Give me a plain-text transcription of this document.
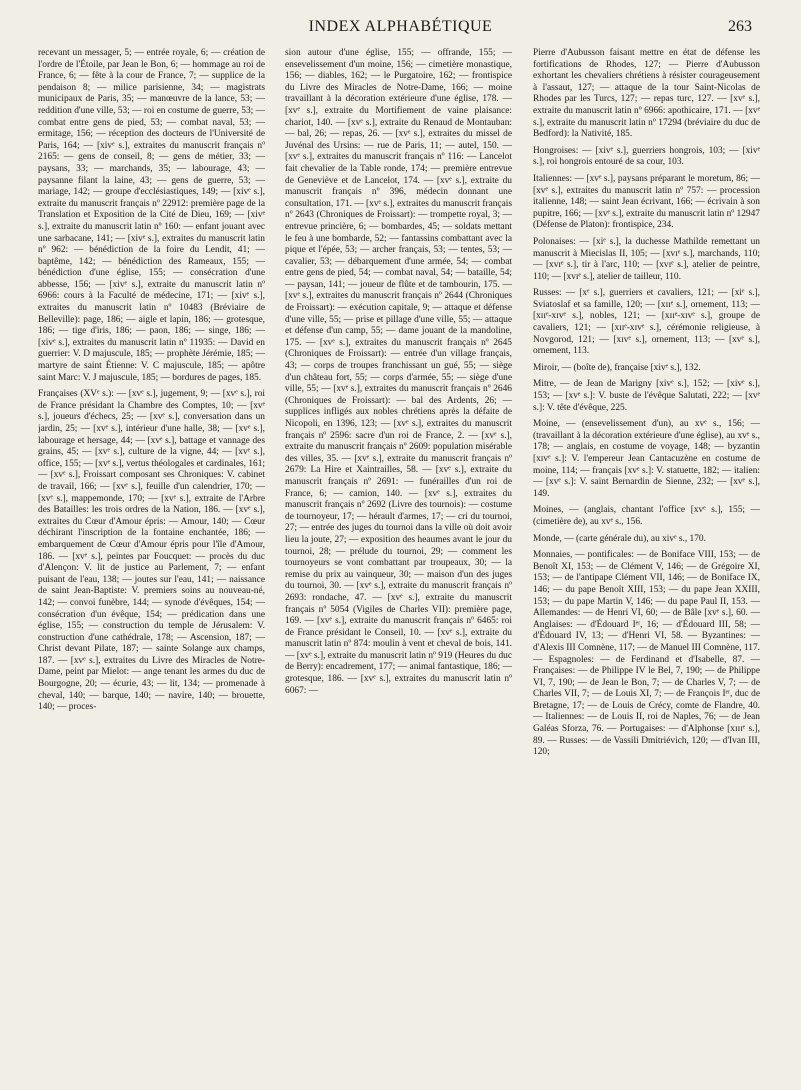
INDEX ALPHABÉTIQUE	263

recevant un messager, 5; — entrée royale, 6; — création de l'ordre de l'Étoile, par Jean le Bon, 6; — hommage au roi de France, 6; — fête à la cour de France, 7; — supplice de la pendaison 8; — milice parisienne, 34; — magistrats municipaux de Paris, 35; — manœuvre de la lance, 53; — reddition d'une ville, 53; — roi en costume de guerre, 53; — combat entre gens de pied, 53; — combat naval, 53; — ermitage, 156; — réception des docteurs de l'Université de Paris, 164; — [xivᵉ s.], extraites du manuscrit français nº 2165: — gens de conseil, 8; — gens de métier, 33; — paysans, 33; — marchands, 35; — labourage, 43; — paysanne filant la laine, 43; — gens de guerre, 53; — mariage, 142; — groupe d'ecclésiastiques, 149; — [xivᵉ s.], extraite du manuscrit français nº 22912: première page de la Translation et Exposition de la Cité de Dieu, 169; — [xivᵉ s.], extraite du manuscrit latin nº 160: — enfant jouant avec une sarbacane, 141; — [xivᵉ s.], extraites du manuscrit latin nº 962: — bénédiction de la foire du Lendit, 41; — baptême, 142; — bénédiction des Rameaux, 155; — bénédiction d'une église, 155; — consécration d'une abbesse, 156; — [xivᵉ s.], extraite du manuscrit latin nº 6966: cours à la Faculté de médecine, 171; — [xivᵉ s.], extraites du manuscrit latin nº 10483 (Bréviaire de Belleville): page, 186; — aigle et lapin, 186; — grotesque, 186; — tige d'iris, 186; — paon, 186; — singe, 186; — [xivᵉ s.], extraites du manuscrit latin nº 11935: — David en guerrier: V. D majuscule, 185; — prophète Jérémie, 185; — martyre de saint Étienne: V. C majuscule, 185; — apôtre saint Marc: V. J majuscule, 185; — bordures de pages, 185.

Françaises (XVᵉ s.): — [xvᵉ s.], jugement, 9; — [xvᵉ s.], roi de France présidant la Chambre des Comptes, 10; — [xvᵉ s.], joueurs d'échecs, 25; — [xvᵉ s.], conversation dans un jardin, 25; — [xvᵉ s.], intérieur d'une halle, 38; — [xvᵉ s.], labourage et hersage, 44; — [xvᵉ s.], battage et vannage des grains, 45; — [xvᵉ s.], culture de la vigne, 44; — [xvᵉ s.], office, 155; — [xvᵉ s.], vertus théologales et cardinales, 161; — [xvᵉ s.], Froissart composant ses Chroniques: V. cabinet de travail, 166; — [xvᵉ s.], feuille d'un calendrier, 170; — [xvᵉ s.], mappemonde, 170; — [xvᵉ s.], extraite de l'Arbre des Batailles: les trois ordres de la Nation, 186. — [xvᵉ s.], extraites du Cœur d'Amour épris: — Amour, 140; — Cœur déchirant l'inscription de la fontaine enchantée, 186; — embarquement de Cœur d'Amour épris pour l'île d'Amour, 186. — [xvᵉ s.], peintes par Foucquet: — procès du duc d'Alençon: V. lit de justice au Parlement, 7; — enfant puisant de l'eau, 138; — joutes sur l'eau, 141; — naissance de saint Jean-Baptiste: V. premiers soins au nouveau-né, 142; — convoi funèbre, 144; — synode d'évêques, 154; — consécration d'un évêque, 154; — prédication dans une église, 155; — construction du temple de Jérusalem: V. construction d'une cathédrale, 178; — Ascension, 187; — Christ devant Pilate, 187; — sainte Solange aux champs, 187. — [xvᵉ s.], extraites du Livre des Miracles de Notre-Dame, peint par Mielot: — ange tenant les armes du duc de Bourgogne, 20; — écurie, 43; — lit, 134; — promenade à cheval, 140; — barque, 140; — navire, 140; — brouette, 140; — proces-

sion autour d'une église, 155; — offrande, 155; — ensevelissement d'un moine, 156; — cimetière monastique, 156; — diables, 162; — le Purgatoire, 162; — frontispice du Livre des Miracles de Notre-Dame, 166; — moine travaillant à la décoration extérieure d'une église, 178. — [xvᵉ s.], extraite du Mortifiement de vaine plaisance: chariot, 140. — [xvᵉ s.], extraite du Renaud de Montauban: — bal, 26; — repas, 26. — [xvᵉ s.], extraites du missel de Juvénal des Ursins: — rue de Paris, 11; — autel, 150. — [xvᵉ s.], extraites du manuscrit français nº 116: — Lancelot fait chevalier de la Table ronde, 174; — première entrevue de Geneviève et de Lancelot, 174. — [xvᵉ s.], extraite du manuscrit français nº 396, médecin donnant une consultation, 171. — [xvᵉ s.], extraites du manuscrit français nº 2643 (Chroniques de Froissart): — trompette royal, 3; — entrevue princière, 6; — bombardes, 45; — soldats mettant le feu à une bombarde, 52; — fantassins combattant avec la pique et l'épée, 53; — archer français, 53; — tentes, 53; — cavalier, 53; — débarquement d'une armée, 54; — combat entre gens de pied, 54; — combat naval, 54; — bataille, 54; — paysan, 141; — joueur de flûte et de tambourin, 175. — [xvᵉ s.], extraites du manuscrit français nº 2644 (Chroniques de Froissart): — exécution capitale, 9; — attaque et défense d'une ville, 55; — prise et pillage d'une ville, 55; — attaque et défense d'un camp, 55; — dame jouant de la mandoline, 175. — [xvᵉ s.], extraites du manuscrit français nº 2645 (Chroniques de Froissart): — entrée d'un village français, 43; — corps de troupes franchissant un gué, 55; — siège d'un château fort, 55; — corps d'armée, 55; — siège d'une ville, 55; — [xvᵉ s.], extraites du manuscrit français nº 2646 (Chroniques de Froissart): — bal des Ardents, 26; — supplices infligés aux nobles chrétiens après la défaite de Nicopoli, en 1396, 123; — [xvᵉ s.], extraites du manuscrit français nº 2596: sacre d'un roi de France, 2. — [xvᵉ s.], extraite du manuscrit français nº 2609: population misérable des villes, 35. — [xvᵉ s.], extraite du manuscrit français nº 2679: La Hire et Xaintrailles, 58. — [xvᵉ s.], extraite du manuscrit français nº 2691: — funérailles d'un roi de France, 6; — camion, 140. — [xvᵉ s.], extraites du manuscrit français nº 2692 (Livre des tournois): — costume de tournoyeur, 17; — hérault d'armes, 17; — cri du tournoi, 27; — entrée des juges du tournoi dans la ville où doit avoir lieu la joute, 27; — exposition des heaumes avant le jour du tournoi, 28; — prélude du tournoi, 29; — comment les tournoyeurs se vont combattant par troupeaux, 30; — la remise du prix au vainqueur, 30; — maison d'un des juges du tournoi, 30. — [xvᵉ s.], extraite du manuscrit français nº 2693: rondache, 47. — [xvᵉ s.], extraite du manuscrit français nº 5054 (Vigiles de Charles VII): première page, 169. — [xvᵉ s.], extraite du manuscrit français nº 6465: roi de France présidant le Conseil, 10. — [xvᵉ s.], extraite du manuscrit latin nº 874: moulin à vent et cheval de bois, 141. — [xvᵉ s.], extraite du manuscrit latin nº 919 (Heures du duc de Berry): encadrement, 177; — animal fantastique, 186; — grotesque, 186. — [xvᵉ s.], extraites du manuscrit latin nº 6067: —

Pierre d'Aubusson faisant mettre en état de défense les fortifications de Rhodes, 127; — Pierre d'Aubusson exhortant les chevaliers chrétiens à résister courageusement à l'assaut, 127; — attaque de la tour Saint-Nicolas de Rhodes par les Turcs, 127; — repas turc, 127. — [xvᵉ s.], extraite du manuscrit latin nº 6966: apothicaire, 171. — [xvᵉ s.], extraite du manuscrit latin nº 17294 (bréviaire du duc de Bedford): la Nativité, 185.

Hongroises: — [xivᵉ s.], guerriers hongrois, 103; — [xivᵉ s.], roi hongrois entouré de sa cour, 103.

Italiennes: — [xvᵉ s.], paysans préparant le moretum, 86; — [xvᵉ s.], extraites du manuscrit latin nº 757: — procession italienne, 148; — saint Jean écrivant, 166; — écrivain à son pupitre, 166; — [xvᵉ s.], extraite du manuscrit latin nº 12947 (Défense de Platon): frontispice, 234.

Polonaises: — [xiᵉ s.], la duchesse Mathilde remettant un manuscrit à Miecislas II, 105; — [xvɪᵉ s.], marchands, 110; — [xvɪᵉ s.], tir à l'arc, 110; — [xvɪᵉ s.], atelier de peintre, 110; — [xvɪᵉ s.], atelier de tailleur, 110.

Russes: — [xᵉ s.], guerriers et cavaliers, 121; — [xiᵉ s.], Sviatoslaf et sa famille, 120; — [xɪɪᵉ s.], ornement, 113; — [xɪɪᵉ-xɪvᵉ s.], nobles, 121; — [xɪɪᵉ-xɪvᵉ s.], groupe de cavaliers, 121; — [xɪɪᵉ-xɪvᵉ s.], cérémonie religieuse, à Novgorod, 121; — [xɪvᵉ s.], ornement, 113; — [xvᵉ s.], ornement, 113.

Miroir, — (boîte de), française [xivᵉ s.], 132.

Mitre, — de Jean de Marigny [xivᵉ s.], 152; — [xivᵉ s.], 153; — [xvᵉ s.]: V. buste de l'évêque Salutati, 222; — [xvᵉ s.]: V. tête d'évêque, 225.

Moine, — (ensevelissement d'un), au xvᵉ s., 156; — (travaillant à la décoration extérieure d'une église), au xvᵉ s., 178; — anglais, en costume de voyage, 148; — byzantin [xɪvᵉ s.]: V. l'empereur Jean Cantacuzène en costume de moine, 114; — français [xvᵉ s.]: V. statuette, 182; — italien: — [xvᵉ s.]: V. saint Bernardin de Sienne, 232; — [xvᵉ s.], 149.

Moines, — (anglais, chantant l'office [xvᵉ s.], 155; — (cimetière de), au xvᵉ s., 156.

Monde, — (carte générale du), au xivᵉ s., 170.

Monnaies, — pontificales: — de Boniface VIII, 153; — de Benoît XI, 153; — de Clément V, 146; — de Grégoire XI, 153; — de l'antipape Clément VII, 146; — de Boniface IX, 146; — du pape Benoît XIII, 153; — du pape Jean XXIII, 153; — du pape Martin V, 146; — du pape Paul II, 153. — Allemandes: — de Henri VI, 60; — de Bâle [xvᵉ s.], 60. — Anglaises: — d'Édouard Iᵉʳ, 16; — d'Édouard III, 58; — d'Édouard IV, 13; — d'Henri VI, 58. — Byzantines: — d'Alexis III Comnène, 117; — de Manuel III Comnène, 117. — Espagnoles: — de Ferdinand et d'Isabelle, 87. — Françaises: — de Philippe IV le Bel, 7, 190; — de Philippe VI, 7, 190; — de Jean le Bon, 7; — de Charles V, 7; — de Charles VII, 7; — de Louis XI, 7; — de François Iᵉʳ, duc de Bretagne, 17; — de Louis de Crécy, comte de Flandre, 40. — Italiennes: — de Louis II, roi de Naples, 76; — de Jean Galéas Sforza, 76. — Portugaises: — d'Alphonse [xɪɪɪᵉ s.], 89. — Russes: — de Vassili Dmitriévich, 120; — d'Ivan III, 120;
